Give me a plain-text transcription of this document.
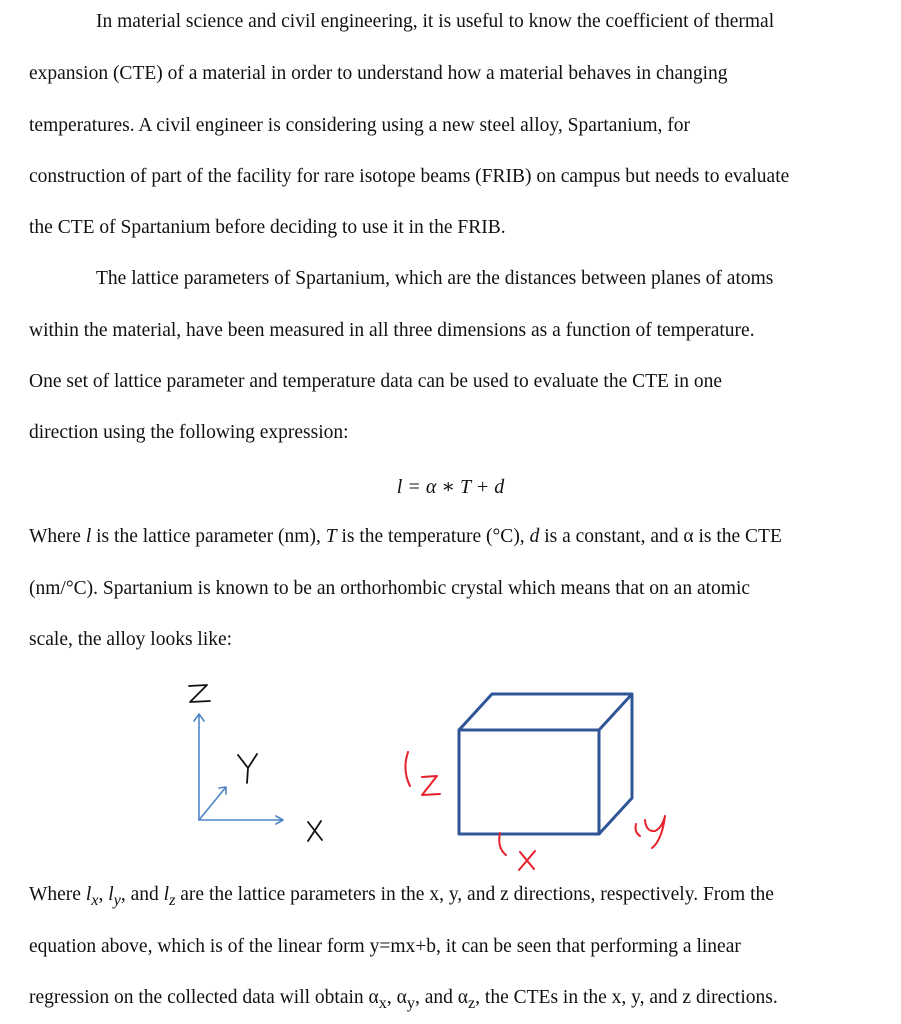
In material science and civil engineering, it is useful to know the coefficient of thermal
expansion (CTE) of a material in order to understand how a material behaves in changing
temperatures. A civil engineer is considering using a new steel alloy, Spartanium, for
construction of part of the facility for rare isotope beams (FRIB) on campus but needs to evaluate
the CTE of Spartanium before deciding to use it in the FRIB.
The lattice parameters of Spartanium, which are the distances between planes of atoms
within the material, have been measured in all three dimensions as a function of temperature.
One set of lattice parameter and temperature data can be used to evaluate the CTE in one
direction using the following expression:
l = α ∗ T + d
Where l is the lattice parameter (nm), T is the temperature (°C), d is a constant, and α is the CTE
(nm/°C). Spartanium is known to be an orthorhombic crystal which means that on an atomic
scale, the alloy looks like:
Where $l_x$, $l_y$, and $l_z$ are the lattice parameters in the x, y, and z directions, respectively. From the
equation above, which is of the linear form y=mx+b, it can be seen that performing a linear
regression on the collected data will obtain $\alpha_x$, $\alpha_y$, and $\alpha_z$, the CTEs in the x, y, and z directions.
